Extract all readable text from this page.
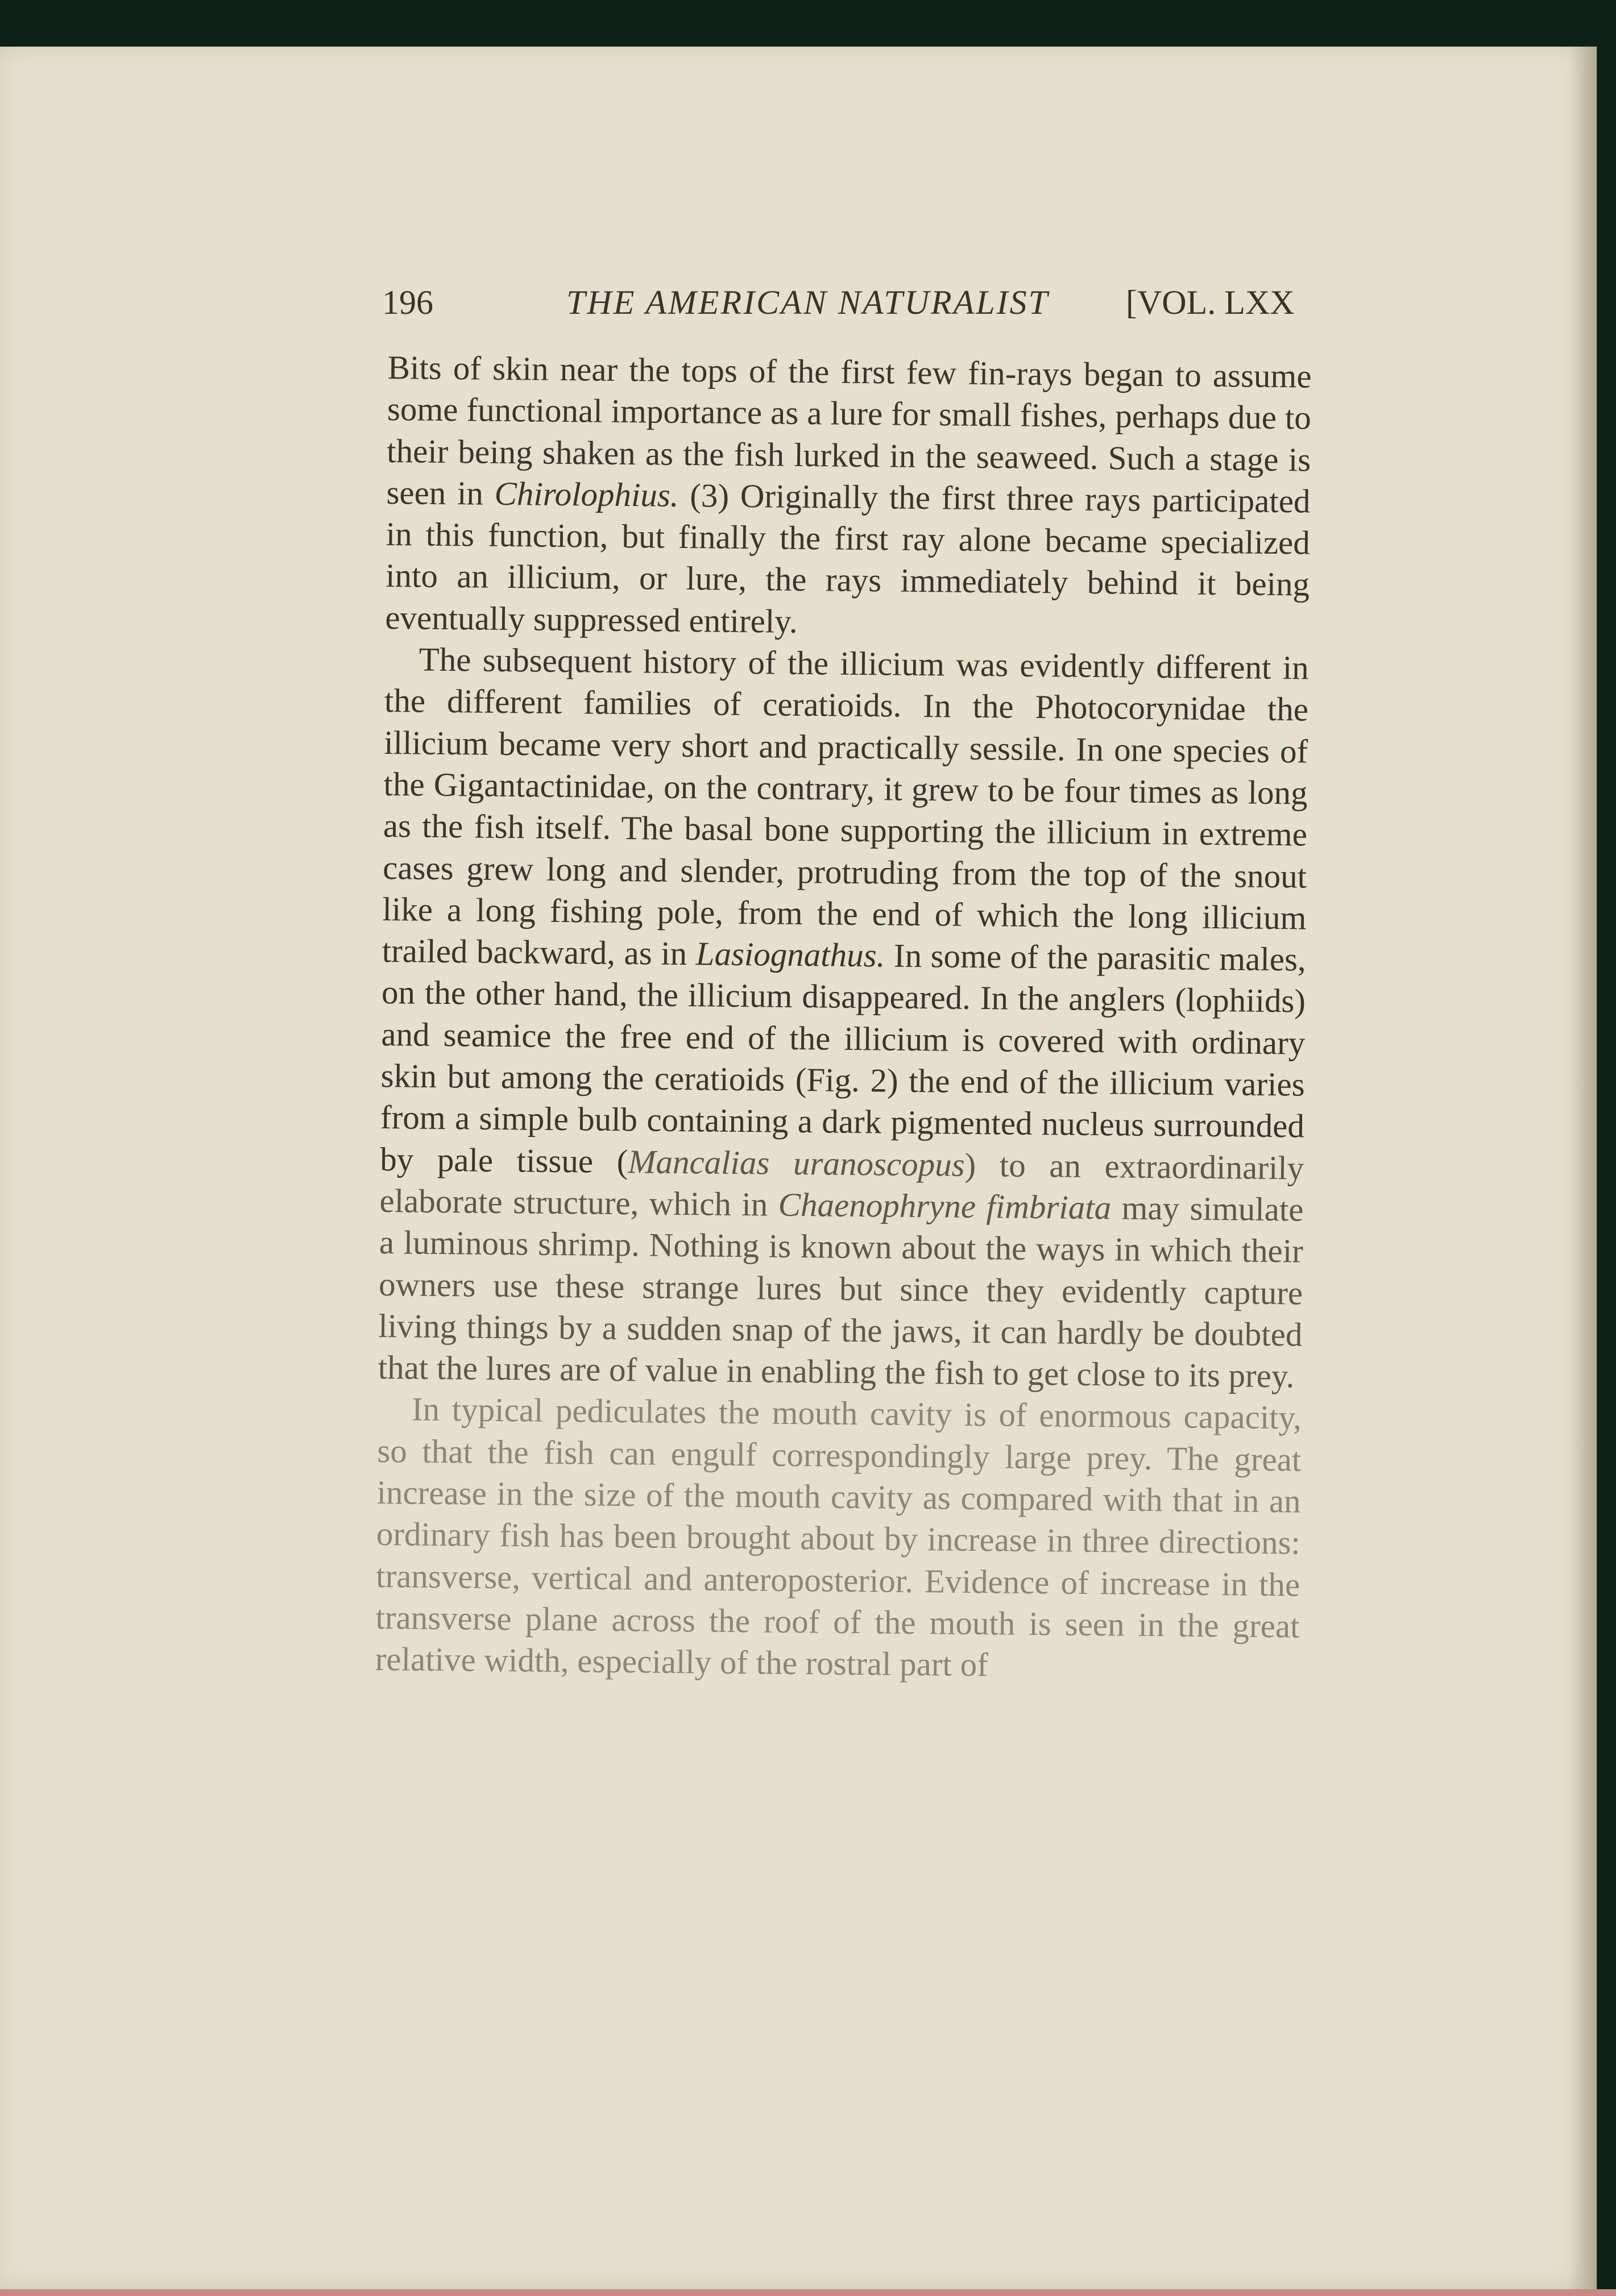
196	THE AMERICAN NATURALIST [VOL. LXX

Bits of skin near the tops of the first few fin-rays began to assume some functional importance as a lure for small fishes, perhaps due to their being shaken as the fish lurked in the seaweed. Such a stage is seen in Chirolophius. (3) Originally the first three rays participated in this function, but finally the first ray alone became specialized into an illicium, or lure, the rays immediately behind it being eventually suppressed entirely.

The subsequent history of the illicium was evidently different in the different families of ceratioids. In the Photocorynidae the illicium became very short and practically sessile. In one species of the Gigantactinidae, on the contrary, it grew to be four times as long as the fish itself. The basal bone supporting the illicium in extreme cases grew long and slender, protruding from the top of the snout like a long fishing pole, from the end of which the long illicium trailed backward, as in Lasiognathus. In some of the parasitic males, on the other hand, the illicium disappeared. In the anglers (lophiids) and seamice the free end of the illicium is covered with ordinary skin but among the ceratioids (Fig. 2) the end of the illicium varies from a simple bulb containing a dark pigmented nucleus surrounded by pale tissue (Mancalias uranoscopus) to an extraordinarily elaborate structure, which in Chaenophryne fimbriata may simulate a luminous shrimp. Nothing is known about the ways in which their owners use these strange lures but since they evidently capture living things by a sudden snap of the jaws, it can hardly be doubted that the lures are of value in enabling the fish to get close to its prey.

In typical pediculates the mouth cavity is of enormous capacity, so that the fish can engulf correspondingly large prey. The great increase in the size of the mouth cavity as compared with that in an ordinary fish has been brought about by increase in three directions: transverse, vertical and anteroposterior. Evidence of increase in the transverse plane across the roof of the mouth is seen in the great relative width, especially of the rostral part of
